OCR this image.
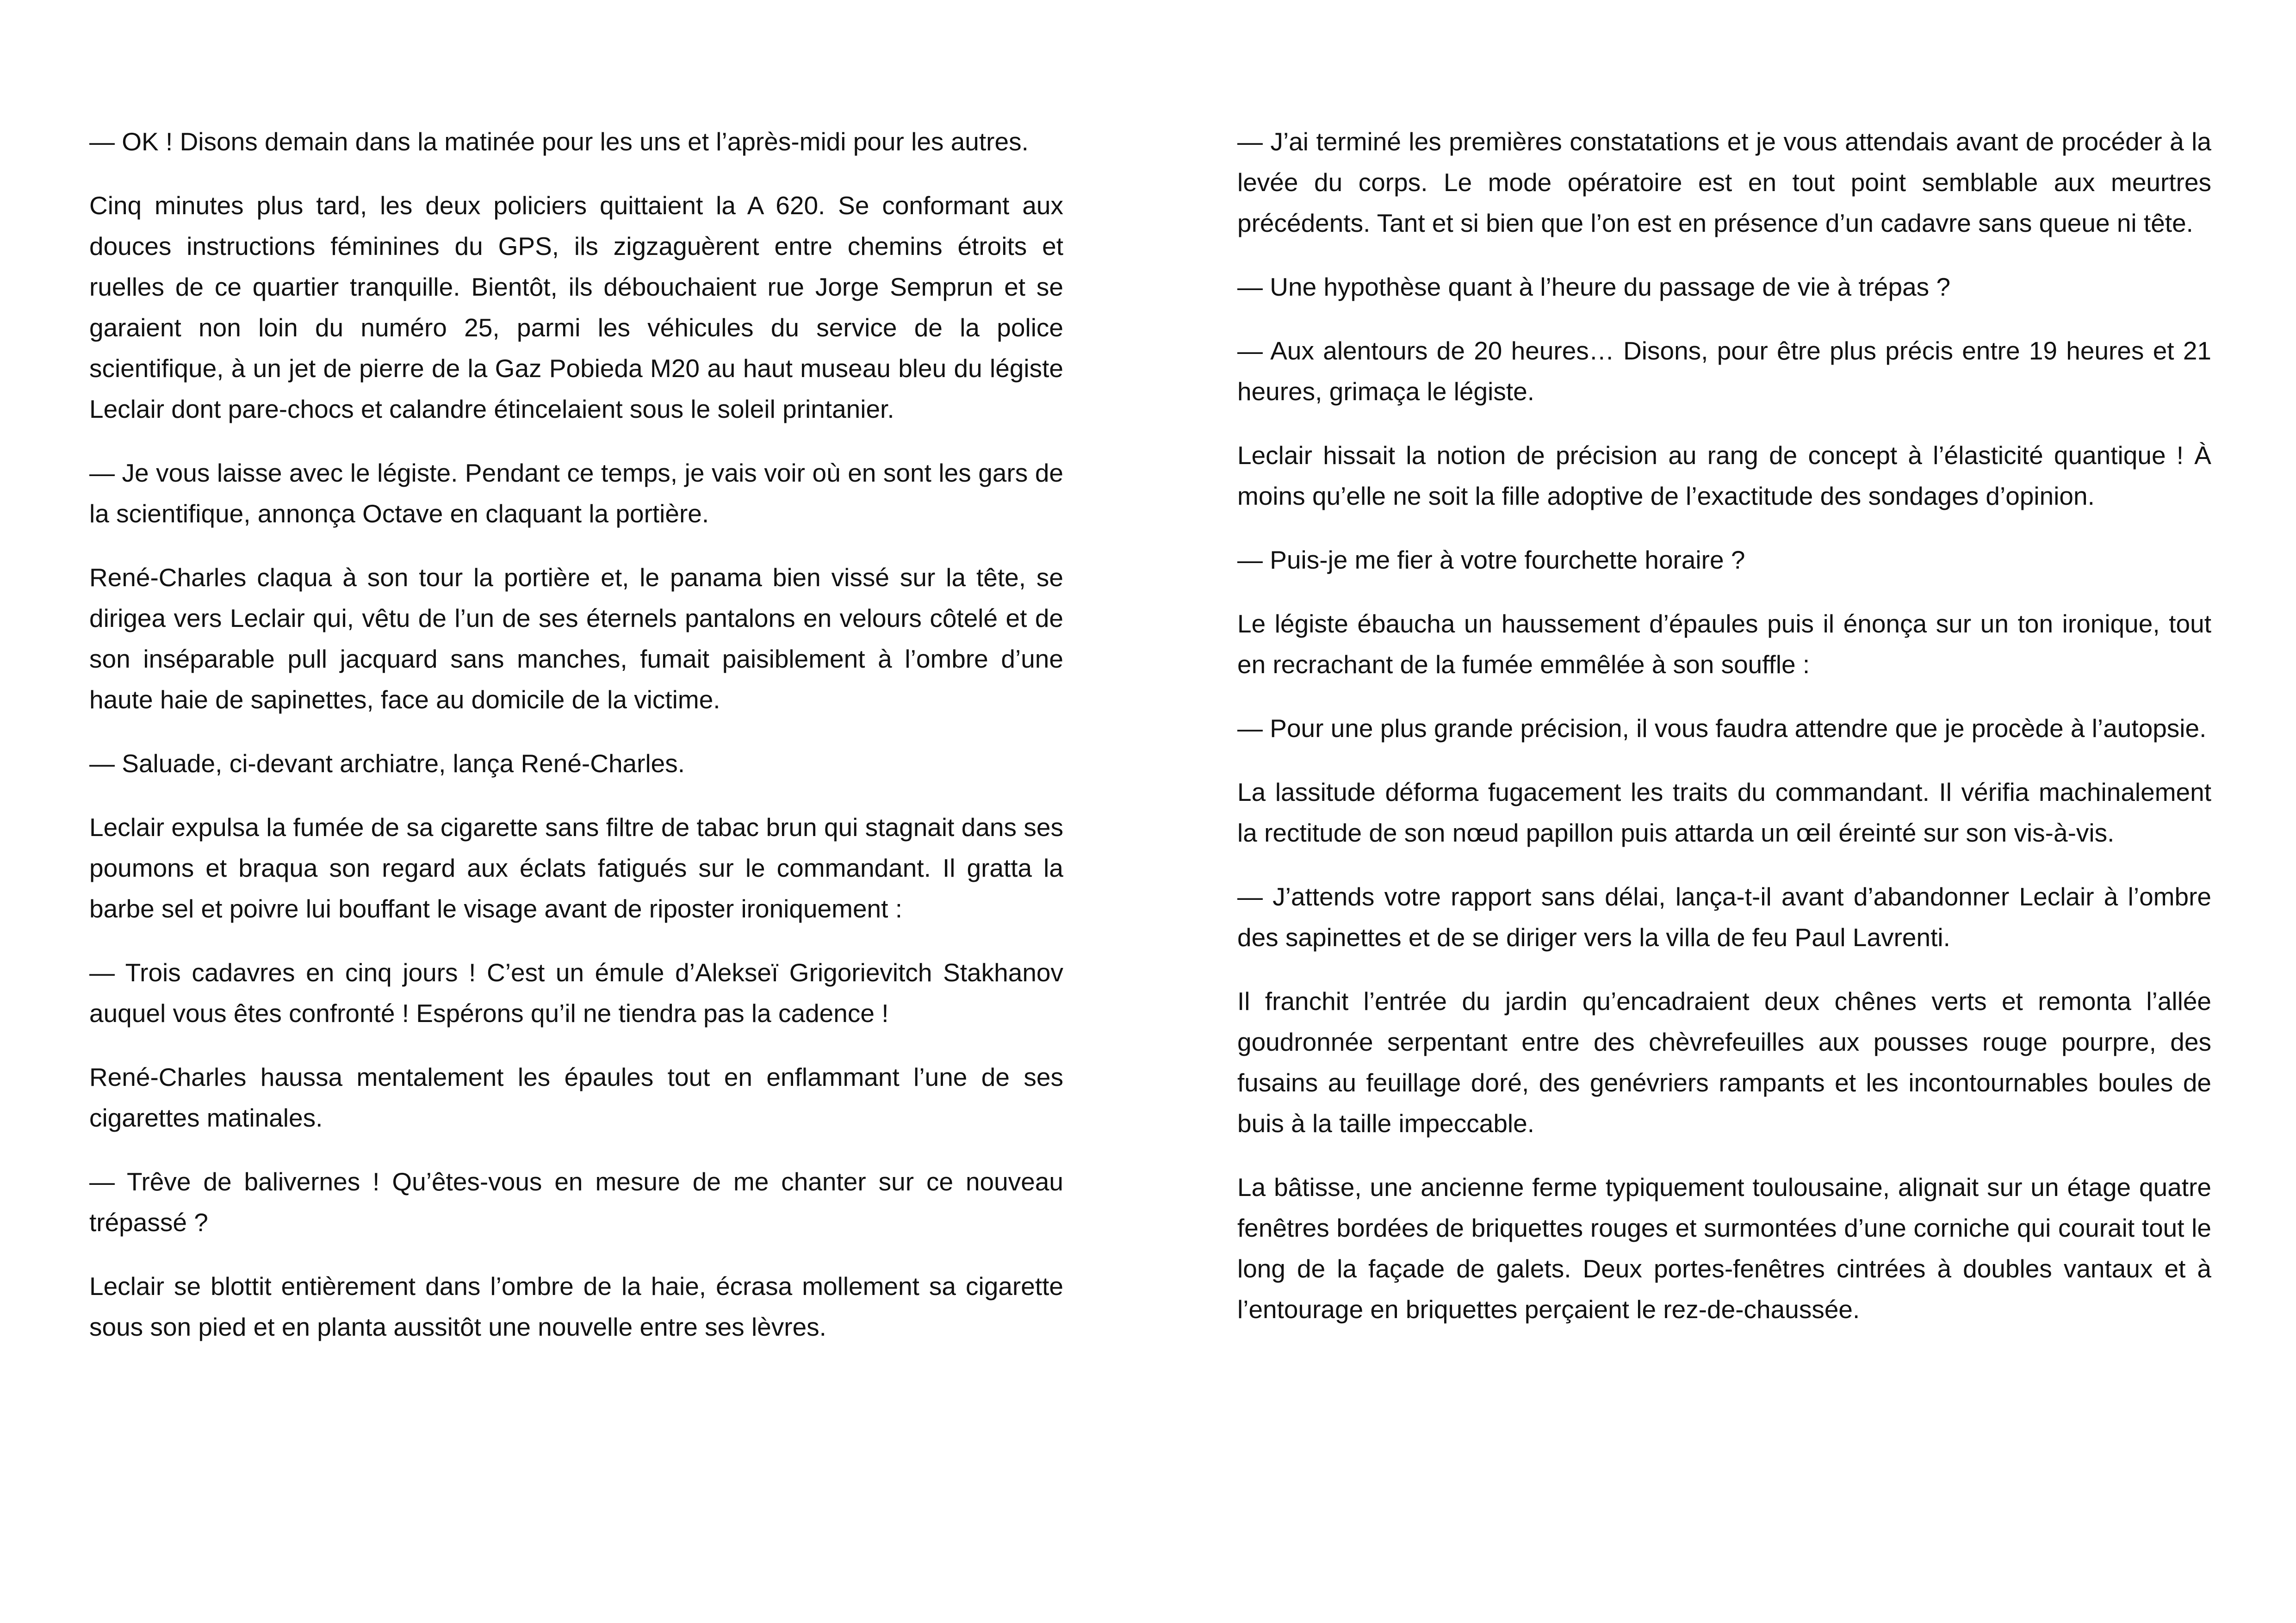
— OK ! Disons demain dans la matinée pour les uns et l’après-midi pour les autres.

Cinq minutes plus tard, les deux policiers quittaient la A 620. Se conformant aux douces instructions féminines du GPS, ils zigzaguèrent entre chemins étroits et ruelles de ce quartier tranquille. Bientôt, ils débouchaient rue Jorge Semprun et se garaient non loin du numéro 25, parmi les véhicules du service de la police scientifique, à un jet de pierre de la Gaz Pobieda M20 au haut museau bleu du légiste Leclair dont pare-chocs et calandre étincelaient sous le soleil printanier.

— Je vous laisse avec le légiste. Pendant ce temps, je vais voir où en sont les gars de la scientifique, annonça Octave en claquant la portière.

René-Charles claqua à son tour la portière et, le panama bien vissé sur la tête, se dirigea vers Leclair qui, vêtu de l’un de ses éternels pantalons en velours côtelé et de son inséparable pull jacquard sans manches, fumait paisiblement à l’ombre d’une haute haie de sapinettes, face au domicile de la victime.

— Saluade, ci-devant archiatre, lança René-Charles.

Leclair expulsa la fumée de sa cigarette sans filtre de tabac brun qui stagnait dans ses poumons et braqua son regard aux éclats fatigués sur le commandant. Il gratta la barbe sel et poivre lui bouffant le visage avant de riposter ironiquement :

— Trois cadavres en cinq jours ! C’est un émule d’Alekseï Grigorievitch Stakhanov auquel vous êtes confronté ! Espérons qu’il ne tiendra pas la cadence !

René-Charles haussa mentalement les épaules tout en enflammant l’une de ses cigarettes matinales.

— Trêve de balivernes ! Qu’êtes-vous en mesure de me chanter sur ce nouveau trépassé ?

Leclair se blottit entièrement dans l’ombre de la haie, écrasa mollement sa cigarette sous son pied et en planta aussitôt une nouvelle entre ses lèvres.

— J’ai terminé les premières constatations et je vous attendais avant de procéder à la levée du corps. Le mode opératoire est en tout point semblable aux meurtres précédents. Tant et si bien que l’on est en présence d’un cadavre sans queue ni tête.

— Une hypothèse quant à l’heure du passage de vie à trépas ?

— Aux alentours de 20 heures… Disons, pour être plus précis entre 19 heures et 21 heures, grimaça le légiste.

Leclair hissait la notion de précision au rang de concept à l’élasticité quantique ! À moins qu’elle ne soit la fille adoptive de l’exactitude des sondages d’opinion.

— Puis-je me fier à votre fourchette horaire ?

Le légiste ébaucha un haussement d’épaules puis il énonça sur un ton ironique, tout en recrachant de la fumée emmêlée à son souffle :

— Pour une plus grande précision, il vous faudra attendre que je procède à l’autopsie.

La lassitude déforma fugacement les traits du commandant. Il vérifia machinalement la rectitude de son nœud papillon puis attarda un œil éreinté sur son vis-à-vis.

— J’attends votre rapport sans délai, lança-t-il avant d’abandonner Leclair à l’ombre des sapinettes et de se diriger vers la villa de feu Paul Lavrenti.

Il franchit l’entrée du jardin qu’encadraient deux chênes verts et remonta l’allée goudronnée serpentant entre des chèvrefeuilles aux pousses rouge pourpre, des fusains au feuillage doré, des genévriers rampants et les incontournables boules de buis à la taille impeccable.

La bâtisse, une ancienne ferme typiquement toulousaine, alignait sur un étage quatre fenêtres bordées de briquettes rouges et surmontées d’une corniche qui courait tout le long de la façade de galets. Deux portes-fenêtres cintrées à doubles vantaux et à l’entourage en briquettes perçaient le rez-de-chaussée.
